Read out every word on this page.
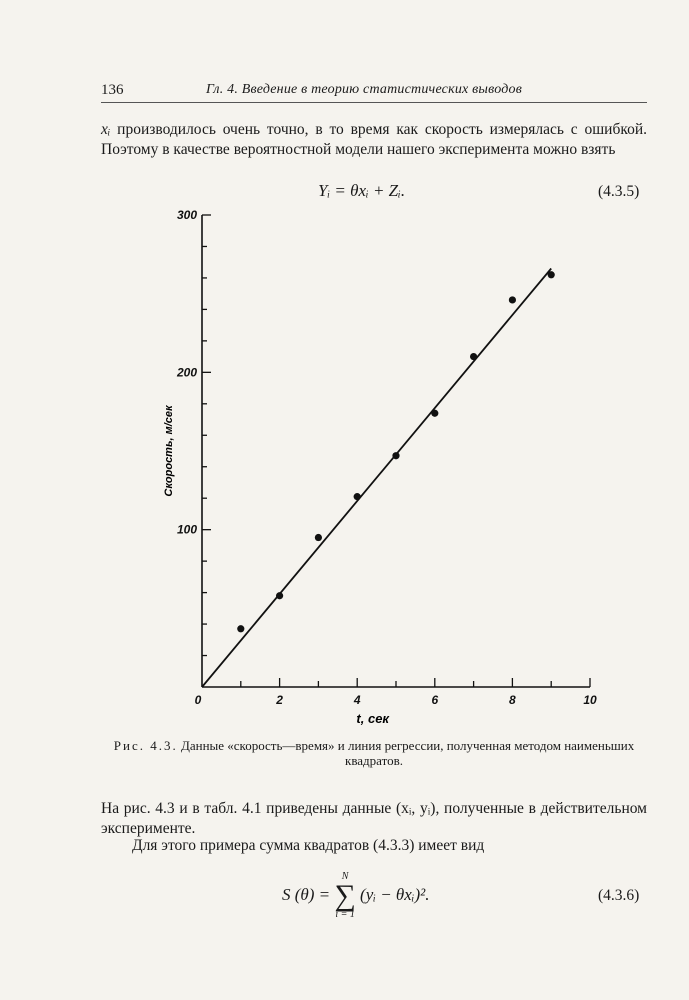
136	Гл. 4. Введение в теорию статистических выводов
xᵢ производилось очень точно, в то время как скорость измерялась с ошибкой. Поэтому в качестве вероятностной модели нашего эксперимента можно взять
Yᵢ = θxᵢ + Zᵢ.	(4.3.5)
0	2	4	6	8	10
100
200
300
t, сек
Скорость, м/сек
Рис. 4.3. Данные «скорость—время» и линия регрессии, полученная методом наименьших квадратов.
На рис. 4.3 и в табл. 4.1 приведены данные (xᵢ, yᵢ), полученные в действительном эксперименте.
Для этого примера сумма квадратов (4.3.3) имеет вид
S (θ) =
N
∑
i = 1
(yᵢ − θxᵢ)².	(4.3.6)
